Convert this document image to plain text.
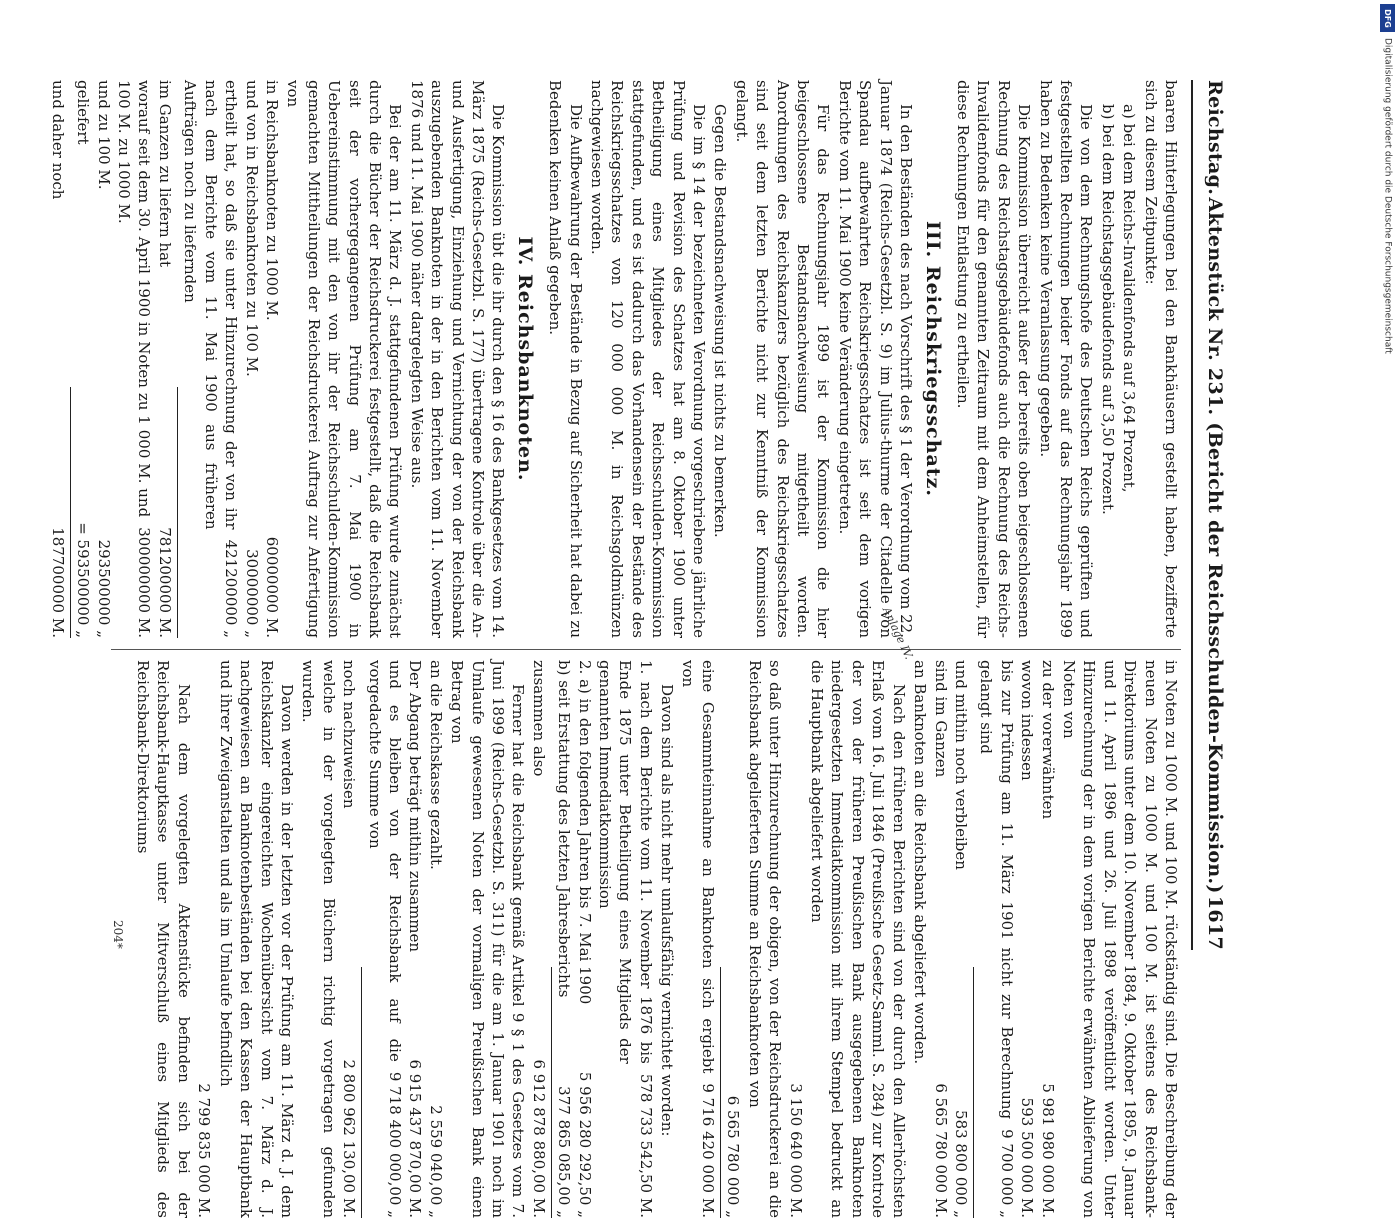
Reichstag.
Aktenstück Nr. 231. (Bericht der Reichsschulden-Kommission.)
1617

baaren Hinterlegungen bei den Bankhäusern gestellt haben, bezifferte sich zu diesem Zeitpunkte:

a) bei dem Reichs-Invalidenfonds auf 3,64 Prozent,

b) bei dem Reichstagsgebäudefonds auf 3,50 Prozent.

Die von dem Rechnungshofe des Deutschen Reichs geprüften und festgestellten Rechnungen beider Fonds auf das Rechnungsjahr 1899 haben zu Bedenken keine Veranlassung gegeben.

Die Kommission überreicht außer der bereits oben beigeschlossenen Rechnung des Reichstagsgebäudefonds auch die Rechnung des Reichs-Invalidenfonds für den genannten Zeitraum mit dem Anheimstellen, für diese Rechnungen Entlastung zu ertheilen.

III. Reichskriegsschatz.

In den Beständen des nach Vorschrift des § 1 der Verordnung vom 22. Januar 1874 (Reichs-Gesetzbl. S. 9) im Julius-thurme der Citadelle von Spandau aufbewahrten Reichskriegsschatzes ist seit dem vorigen Berichte vom 11. Mai 1900 keine Veränderung eingetreten.

Für das Rechnungsjahr 1899 ist der Kommission die hier beigeschlossene Bestandsnachweisung mitgetheilt worden. Anordnungen des Reichskanzlers bezüglich des Reichskriegsschatzes sind seit dem letzten Berichte nicht zur Kenntniß der Kommission gelangt.

Gegen die Bestandsnachweisung ist nichts zu bemerken.

Die im § 14 der bezeichneten Verordnung vorgeschriebene jährliche Prüfung und Revision des Schatzes hat am 8. Oktober 1900 unter Betheiligung eines Mitgliedes der Reichsschulden-Kommission stattgefunden, und es ist dadurch das Vorhandensein der Bestände des Reichskriegsschatzes von 120 000 000 M. in Reichsgoldmünzen nachgewiesen worden.

Die Aufbewahrung der Bestände in Bezug auf Sicherheit hat dabei zu Bedenken keinen Anlaß gegeben.

IV. Reichsbanknoten.

Die Kommission übt die ihr durch den § 16 des Bankgesetzes vom 14. März 1875 (Reichs-Gesetzbl. S. 177) übertragene Kontrole über die An- und Ausfertigung, Einziehung und Vernichtung der von der Reichsbank auszugebenden Banknoten in der in den Berichten vom 11. November 1876 und 11. Mai 1900 näher dargelegten Weise aus.

Bei der am 11. März d. J. stattgefundenen Prüfung wurde zunächst durch die Bücher der Reichsdruckerei festgestellt, daß die Reichsbank seit der vorhergegangenen Prüfung am 7. Mai 1900 in Uebereinstimmung mit den von ihr der Reichsschulden-Kommission gemachten Mittheilungen der Reichsdruckerei Auftrag zur Anfertigung von

in Reichsbanknoten zu 1000 M.
60000000 M.
und von in Reichsbanknoten zu 100 M.
30000000 „
ertheilt hat, so daß sie unter Hinzurechnung der von ihr nach dem Berichte vom 11. Mai 1900 aus früheren Aufträgen noch zu liefernden
421200000 „
im Ganzen zu liefern hat
781200000 M.
worauf seit dem 30. April 1900 in Noten zu 1 000 M. und 100 M. zu 1000 M.
300000000 M.
und zu 100 M.
293500000 „
geliefert
= 593500000 „
und daher noch
187700000 M.

in Noten zu 1000 M. und 100 M. rückständig sind. Die Beschreibung der neuen Noten zu 1000 M. und 100 M. ist seitens des Reichsbank-Direktoriums unter dem 10. November 1884, 9. Oktober 1895, 9. Januar und 11. April 1896 und 26. Juli 1898 veröffentlicht worden. Unter Hinzurechnung der in dem vorigen Berichte erwähnten Ablieferung von Noten von

zu der vorerwähnten
5 981 980 000 M.
wovon indessen
593 500 000 M.
bis zur Prüfung am 11. März 1901 nicht zur Berechnung gelangt sind
9 700 000 „
und mithin noch verbleiben
583 800 000 „
sind im Ganzen
6 565 780 000 M.

an Banknoten an die Reichsbank abgeliefert worden.

Nach den früheren Berichten sind von der durch den Allerhöchsten Erlaß vom 16. Juli 1846 (Preußische Gesetz-Samml. S. 284) zur Kontrole der von der früheren Preußischen Bank ausgegebenen Banknoten niedergesetzten Immediatkommission mit ihrem Stempel bedruckt an die Hauptbank abgeliefert worden

3 150 640 000 M.

so daß unter Hinzurechnung der obigen, von der Reichsdruckerei an die Reichsbank abgelieferten Summe an Reichsbanknoten von

6 565 780 000 „
eine Gesammteinnahme an Banknoten sich ergiebt von
9 716 420 000 M.

Davon sind als nicht mehr umlaufsfähig vernichtet worden:

1. nach dem Berichte vom 11. November 1876 bis Ende 1875 unter Betheiligung eines Mitglieds der genannten Immediatkommission
578 733 542,50 M.
2. a) in den folgenden Jahren bis 7. Mai 1900
5 956 280 292,50 „
b) seit Erstattung des letzten Jahresberichts
377 865 085,00 „
zusammen also
6 912 878 880,00 M.

Ferner hat die Reichsbank gemäß Artikel 9 § 1 des Gesetzes vom 7. Juni 1899 (Reichs-Gesetzbl. S. 311) für die am 1. Januar 1901 noch im Umlaufe gewesenen Noten der vormaligen Preußischen Bank einen Betrag von

an die Reichskasse gezahlt.
2 559 040,00 „
Der Abgang beträgt mithin zusammen
6 915 437 870,00 M.
und es bleiben von der Reichsbank auf die vorgedachte Summe von
9 718 400 000,00 „
noch nachzuweisen
2 800 962 130,00 M.

welche in der vorgelegten Büchern richtig vorgetragen gefunden wurden.

Davon werden in der letzten vor der Prüfung am 11. März d. J. dem Reichskanzler eingereichten Wochenübersicht vom 7. März d. J. nachgewiesen an Banknotenbeständen bei den Kassen der Hauptbank und ihrer Zweiganstalten und als im Umlaufe befindlich

2 799 835 000 M.

Nach dem vorgelegten Aktenstücke befinden sich bei der Reichsbank-Hauptkasse unter Mitverschluß eines Mitglieds des Reichsbank-Direktoriums

Anlage IV.
204*
DFG
Digitalisierung gefördert durch die Deutsche Forschungsgemeinschaft
